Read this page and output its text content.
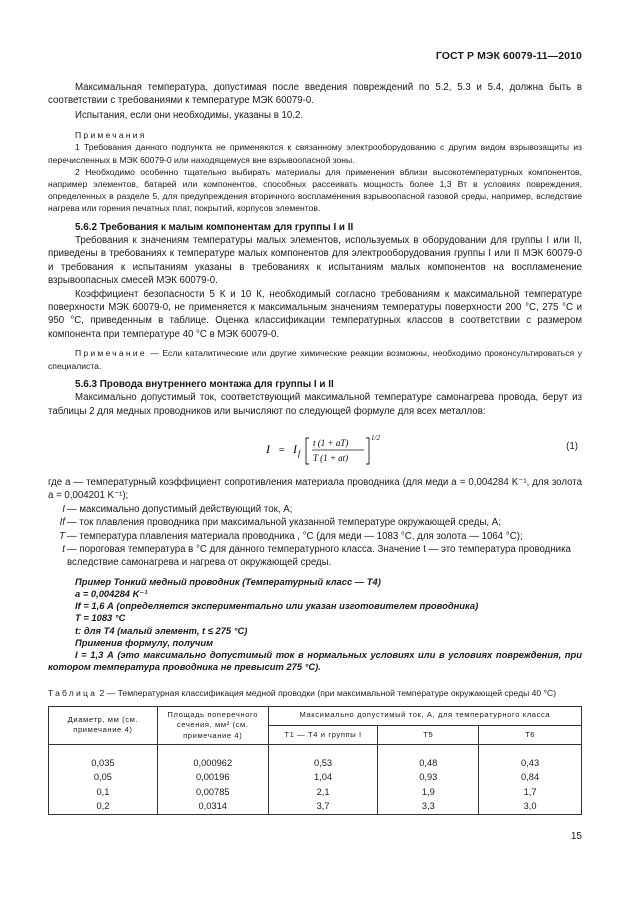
ГОСТ Р МЭК 60079-11—2010

Максимальная температура, допустимая после введения повреждений по 5.2, 5.3 и 5.4, должна быть в соответствии с требованиями к температуре МЭК 60079-0.

Испытания, если они необходимы, указаны в 10.2.

Примечания

1 Требования данного подпункта не применяются к связанному электрооборудованию с другим видом взрывозащиты из перечисленных в МЭК 60079-0 или находящемуся вне взрывоопасной зоны.

2 Необходимо особенно тщательно выбирать материалы для применения вблизи высокотемпературных компонентов, например элементов, батарей или компонентов, способных рассеивать мощность более 1,3 Вт в условиях повреждения, определенных в разделе 5, для предупреждения вторичного воспламенения взрывоопасной газовой среды, например, вследствие нагрева или горения печатных плат, покрытий, корпусов элементов.

5.6.2 Требования к малым компонентам для группы I и II

Требования к значениям температуры малых элементов, используемых в оборудовании для группы I или II, приведены в требованиях к температуре малых компонентов для электрооборудования группы I или II МЭК 60079-0 и требования к испытаниям указаны в требованиях к испытаниям малых компонентов на воспламенение взрывоопасных смесей МЭК 60079-0.

Коэффициент безопасности 5 К и 10 К, необходимый согласно требованиям к максимальной температуре поверхности МЭК 60079-0, не применяется к максимальным значениям температуры поверхности 200 °С, 275 °С и 950 °С, приведенным в таблице. Оценка классификации температурных классов в соответствии с размером компонента при температуре 40 °С в МЭК 60079-0.

Примечание — Если каталитические или другие химические реакции возможны, необходимо проконсультироваться у специалиста.

5.6.3 Провода внутреннего монтажа для группы I и II

Максимально допустимый ток, соответствующий максимальной температуре самонагрева провода, берут из таблицы 2 для медных проводников или вычисляют по следующей формуле для всех металлов:

I = I f
t (1 + aT)
T (1 + at)
1/2
(1)

где a — температурный коэффициент сопротивления материала проводника (для меди a = 0,004284 K⁻¹, для золота a = 0,004201 K⁻¹);

I — максимально допустимый действующий ток, А;
If — ток плавления проводника при максимальной указанной температуре окружающей среды, А;
T — температура плавления материала проводника , °С (для меди — 1083 °С, для золота — 1064 °С);
t — пороговая температура в °С для данного температурного класса. Значение t — это температура проводника вследствие самонагрева и нагрева от окружающей среды.

Пример Тонкий медный проводник (Температурный класс — Т4)

a = 0,004284 K⁻¹

If = 1,6 А (определяется экспериментально или указан изготовителем проводника)

T = 1083 °С

t: для Т4 (малый элемент, t ≤ 275 °С)

Применив формулу, получим

I = 1,3 А (это максимально допустимый ток в нормальных условиях или в условиях повреждения, при котором температура проводника не превысит 275 °С).

Таблица 2 — Температурная классификация медной проводки (при максимальной температуре окружающей среды 40 °С)

Диаметр, мм (см. примечание 4)	Площадь поперечного сечения, мм² (см. примечание 4)	Максимально допустимый ток, А, для температурного класса		
		Т1 — Т4 и группы I	Т5	Т6
0,035	0,000962	0,53	0,48	0,43
0,05	0,00196	1,04	0,93	0,84
0,1	0,00785	2,1	1,9	1,7
0,2	0,0314	3,7	3,3	3,0
15
